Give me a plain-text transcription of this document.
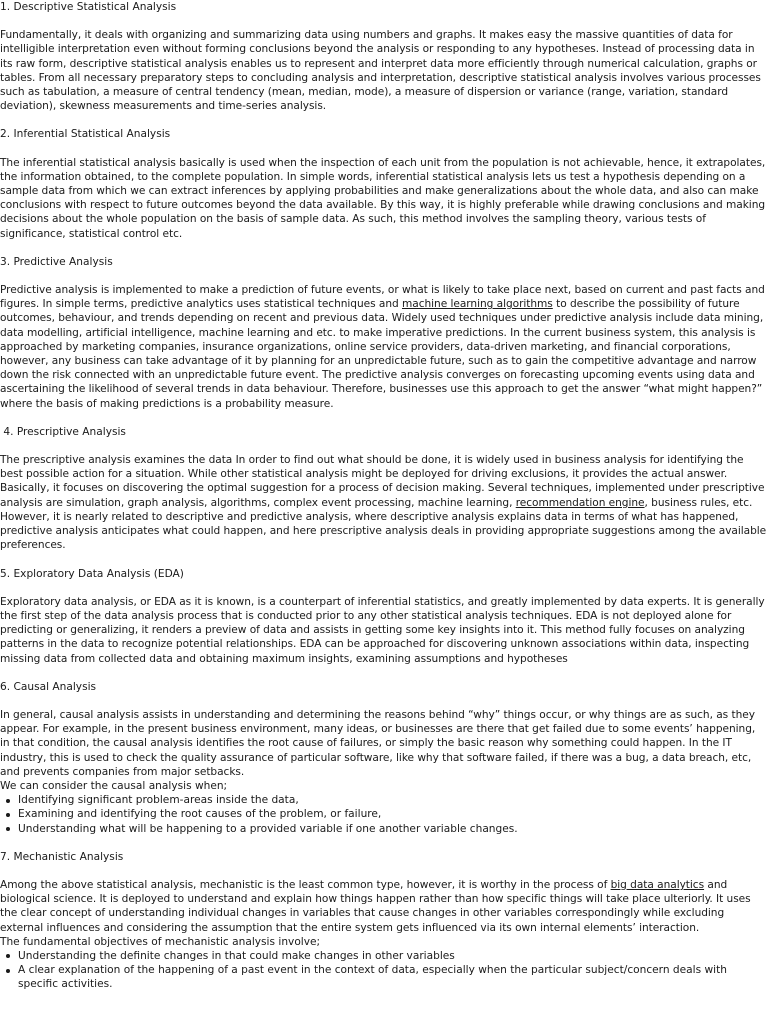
1. Descriptive Statistical Analysis

Fundamentally, it deals with organizing and summarizing data using numbers and graphs. It makes easy the massive quantities of data for intelligible interpretation even without forming conclusions beyond the analysis or responding to any hypotheses. Instead of processing data in its raw form, descriptive statistical analysis enables us to represent and interpret data more efficiently through numerical calculation, graphs or tables. From all necessary preparatory steps to concluding analysis and interpretation, descriptive statistical analysis involves various processes such as tabulation, a measure of central tendency (mean, median, mode), a measure of dispersion or variance (range, variation, standard deviation), skewness measurements and time-series analysis.

2. Inferential Statistical Analysis

The inferential statistical analysis basically is used when the inspection of each unit from the population is not achievable, hence, it extrapolates, the information obtained, to the complete population. In simple words, inferential statistical analysis lets us test a hypothesis depending on a sample data from which we can extract inferences by applying probabilities and make generalizations about the whole data, and also can make conclusions with respect to future outcomes beyond the data available. By this way, it is highly preferable while drawing conclusions and making decisions about the whole population on the basis of sample data. As such, this method involves the sampling theory, various tests of significance, statistical control etc.

3. Predictive Analysis

Predictive analysis is implemented to make a prediction of future events, or what is likely to take place next, based on current and past facts and figures. In simple terms, predictive analytics uses statistical techniques and machine learning algorithms to describe the possibility of future outcomes, behaviour, and trends depending on recent and previous data. Widely used techniques under predictive analysis include data mining, data modelling, artificial intelligence, machine learning and etc. to make imperative predictions. In the current business system, this analysis is approached by marketing companies, insurance organizations, online service providers, data-driven marketing, and financial corporations, however, any business can take advantage of it by planning for an unpredictable future, such as to gain the competitive advantage and narrow down the risk connected with an unpredictable future event. The predictive analysis converges on forecasting upcoming events using data and ascertaining the likelihood of several trends in data behaviour. Therefore, businesses use this approach to get the answer “what might happen?” where the basis of making predictions is a probability measure.

4. Prescriptive Analysis

The prescriptive analysis examines the data In order to find out what should be done, it is widely used in business analysis for identifying the best possible action for a situation. While other statistical analysis might be deployed for driving exclusions, it provides the actual answer. Basically, it focuses on discovering the optimal suggestion for a process of decision making. Several techniques, implemented under prescriptive analysis are simulation, graph analysis, algorithms, complex event processing, machine learning, recommendation engine, business rules, etc. However, it is nearly related to descriptive and predictive analysis, where descriptive analysis explains data in terms of what has happened, predictive analysis anticipates what could happen, and here prescriptive analysis deals in providing appropriate suggestions among the available preferences.

5. Exploratory Data Analysis (EDA)

Exploratory data analysis, or EDA as it is known, is a counterpart of inferential statistics, and greatly implemented by data experts. It is generally the first step of the data analysis process that is conducted prior to any other statistical analysis techniques. EDA is not deployed alone for predicting or generalizing, it renders a preview of data and assists in getting some key insights into it. This method fully focuses on analyzing patterns in the data to recognize potential relationships. EDA can be approached for discovering unknown associations within data, inspecting missing data from collected data and obtaining maximum insights, examining assumptions and hypotheses

6. Causal Analysis

In general, causal analysis assists in understanding and determining the reasons behind “why” things occur, or why things are as such, as they appear. For example, in the present business environment, many ideas, or businesses are there that get failed due to some events’ happening, in that condition, the causal analysis identifies the root cause of failures, or simply the basic reason why something could happen. In the IT industry, this is used to check the quality assurance of particular software, like why that software failed, if there was a bug, a data breach, etc, and prevents companies from major setbacks.

We can consider the causal analysis when;

Identifying significant problem-areas inside the data,
Examining and identifying the root causes of the problem, or failure,
Understanding what will be happening to a provided variable if one another variable changes.
7. Mechanistic Analysis

Among the above statistical analysis, mechanistic is the least common type, however, it is worthy in the process of big data analytics and biological science. It is deployed to understand and explain how things happen rather than how specific things will take place ulteriorly. It uses the clear concept of understanding individual changes in variables that cause changes in other variables correspondingly while excluding external influences and considering the assumption that the entire system gets influenced via its own internal elements’ interaction.

The fundamental objectives of mechanistic analysis involve;

Understanding the definite changes in that could make changes in other variables
A clear explanation of the happening of a past event in the context of data, especially when the particular subject/concern deals with specific activities.
